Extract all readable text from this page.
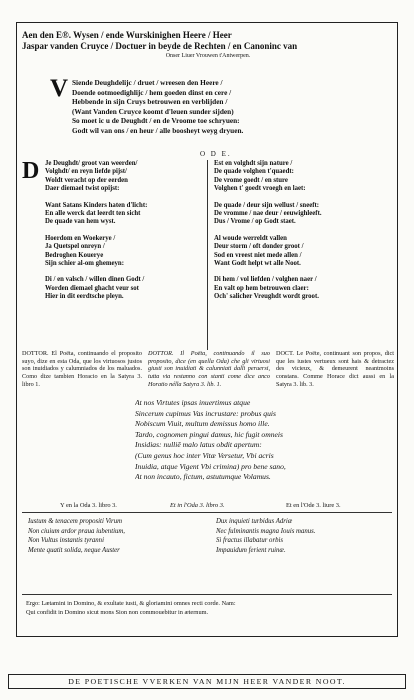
Aen den E®. Wysen / ende Wurskinighen Heere / Heer
Jaspar vanden Cruyce / Doctuer in beyde de Rechten / en Canoninc van
Onser Liuer Vrouwen t'Antwerpen.
V Siende Deughdelijc / druet / wreesen den Heere /
Doende ootmoedighlijc / hem goeden dinst en cere /
Hebbende in sijn Cruys betrouwen en verblijden /
(Want Vanden Cruyce koomt d'leuen sunder sijden)
So moet ic u de Deughdt / en de Vroome toe schryuen:
Godt wil van ons / en heur / alle boosheyt weyg dryuen.
O D E.
D Je Deughdt/ groot van weerden/
Volghdt/ en reyn liefde pijst/
Woldt veracht op der eerden
Daer diemael twist opijst:
Want Satans Kinders haten d'licht:
En alle werck dat leerdt ten sicht
De quade van hem wyst.
Hoerdom en Woekerye /
Ja Quetspel onreyn /
Bedroghen Kouerye
Sijn schier al-om ghemeyn:
Di / en valsch / willen dinen Godt /
Worden diemael ghacht veur sot
Hier in dit eerdtsche pleyn.
Est en volghdt sijn nature /
De quade volghen t'quaedt:
De vrome goedt / en sture
Volghen t' goedt vroegh en laet:
De quade / deur sijn wellust / sneeft:
De vromme / nae deur / eeuwighleeft.
Dus / Vrome / op Godt staet.
Al woude werreldt vallen
Deur storm / oft donder groot /
Sod en vreest niet mede allen /
Want Godt helpt wt alle Noot.
Di hem / vol liefden / volghen naer /
En valt op hem betrouwen claer:
Och' salicher Vreughdt wordt groot.
DOTTOR. El Poëta, continuando el proposito suyo, dize en esta Oda, que los virtuosos justos son inuidiados y calumniados de los maluados. Como dize tambien Horacio en la Satyra 3. libro 1.
DOTTOR. Il Poëta, continuando il suo proposito, dice (en quella Oda) che gli virtuosi giusti son inuidiati & calunniati dalli peruersi, tutta via restanno con stanti come dice anco Horatio nélla Satyra 3. lib. 1.
DOCT. Le Poëte, continuant son propos, dict que les iustes vertueux sont hais & detractez des vicieux, & demeurent neantmoins constans. Comme Horace dict aussi en la Satyra 3. lib. 3.
At nos Virtutes ipsas inuertimus atque
Sincerum cupimus Vas incrustare: probus quis
Nobiscum Viuit, multum demissus homo ille.
Tardo, cognomen pingui damus, hic fugit omneis
Insidias: nulliē malo latus obdit apertum:
(Cum genus hoc inter Vitæ Versetur, Vbi acris
Inuidia, atque Vigent Vbi crimina) pro bene sano,
At non incauto, fictum, astutumque Volamus.
Y en la Oda 3. libro 3.	Et in l'Oda 3. libro 3.	Et en l'Ode 3. liure 3.
Iustum & tenacem propositi Virum
Non ciuium ardor praua iubentium,
Non Vultus instantis tyranni
Mente quatit solida, neque Auster
Dux inquieti turbidus Adriæ
Nec fulminantis magna Iouis manus.
Si fractus illabatur orbis
Impauidum ferient ruinæ.
Ergo: Lætamini in Domino, & exultate iusti, & gloriamini omnes recti corde. Nam:
Qui confidit in Domino sicut mons Sion non commouebitur in æternum.
DE POETISCHE VVERKEN VAN MIJN HEER VANDER NOOT.
